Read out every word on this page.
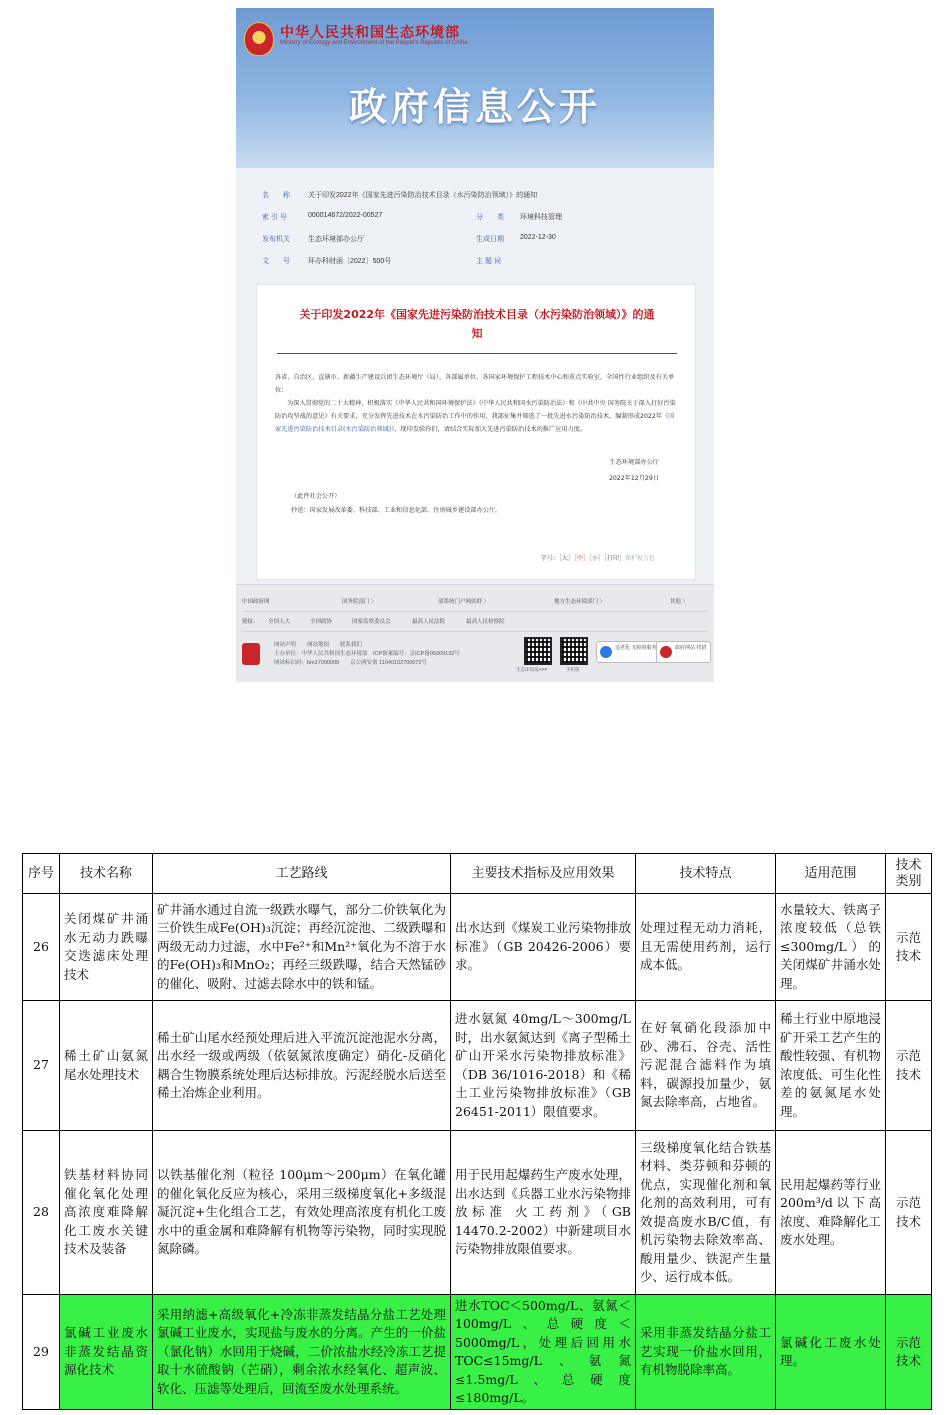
中华人民共和国生态环境部
Ministry of Ecology and Environment of the People's Republic of China
政府信息公开
名　　称	关于印发2022年《国家先进污染防治技术目录（水污染防治领域）》的通知
索 引 号	000014672/2022-00527	分　　类 环境科技管理
发布机关	生态环境部办公厅	生成日期 2022-12-30
文　　号	环办科财函〔2022〕500号	主 题 词
关于印发2022年《国家先进污染防治技术目录（水污染防治领域）》的通知
各省、自治区、直辖市、新疆生产建设兵团生态环境厅（局），各部属单位，各国家环境保护工程技术中心和重点实验室，全国性行业组织及有关单位：
为深入贯彻党的二十大精神，积极落实《中华人民共和国环境保护法》《中华人民共和国水污染防治法》和《中共中央 国务院关于深入打好污染防治攻坚战的意见》有关要求，充分发挥先进技术在水污染防治工作中的作用，我部征集并筛选了一批先进水污染防治技术，编制形成2022年《国家先进污染防治技术目录(水污染防治领域)》，现印发给你们，请结合实际加大先进污染防治技术的推广应用力度。
生态环境部办公厅
2022年12月29日
（此件社会公开）
抄送：国家发展改革委、科技部、工业和信息化部、住房城乡建设部办公厅。
字号：［大］［中］［小］［打印］保护视力色
中国政府网	国务院部门 〉	部系统门户网站群 〉	地方生态环境部门 〉	其他 〉
链接： 全国人大	全国政协	国家监察委员会	最高人民法院	最高人民检察院
网站声明　　网站地图　　联系我们
主办单位：中华人民共和国生态环境部　ICP备案编号：京ICP备05009132号
网站标识码：bm17000009　　京公网安备 11040102700072号
生态环境部APP	手机版
适老化 无障碍服务	政府网站 找错
序号	技术名称	工艺路线	主要技术指标及应用效果	技术特点	适用范围	技术类别
26	关闭煤矿井涌水无动力跌曝交迭滤床处理技术	矿井涌水通过自流一级跌水曝气，部分二价铁氧化为三价铁生成Fe(OH)₃沉淀；再经沉淀池、二级跌曝和两级无动力过滤，水中Fe²⁺和Mn²⁺氧化为不溶于水的Fe(OH)₃和MnO₂；再经三级跌曝，结合天然锰砂的催化、吸附、过滤去除水中的铁和锰。	出水达到《煤炭工业污染物排放标准》（GB 20426-2006）要求。	处理过程无动力消耗，且无需使用药剂，运行成本低。	水量较大、铁离子浓度较低（总铁≤300mg/L）的关闭煤矿井涌水处理。	示范技术
27	稀土矿山氨氮尾水处理技术	稀土矿山尾水经预处理后进入平流沉淀池泥水分离，出水经一级或两级（依氨氮浓度确定）硝化-反硝化耦合生物膜系统处理后达标排放。污泥经脱水后送至稀土冶炼企业利用。	进水氨氮 40mg/L～300mg/L时，出水氨氮达到《离子型稀土矿山开采水污染物排放标准》（DB 36/1016-2018）和《稀土工业污染物排放标准》（GB 26451-2011）限值要求。	在好氧硝化段添加中砂、沸石、谷壳、活性污泥混合滤料作为填料，碳源投加量少，氨氮去除率高，占地省。	稀土行业中原地浸矿开采工艺产生的酸性较强、有机物浓度低、可生化性差的氨氮尾水处理。	示范技术
28	铁基材料协同催化氧化处理高浓度难降解化工废水关键技术及装备	以铁基催化剂（粒径 100μm～200μm）在氧化罐的催化氧化反应为核心，采用三级梯度氧化+多级混凝沉淀+生化组合工艺，有效处理高浓度有机化工废水中的重金属和难降解有机物等污染物，同时实现脱氮除磷。	用于民用起爆药生产废水处理，出水达到《兵器工业水污染物排放标准 火工药剂》（GB 14470.2-2002）中新建项目水污染物排放限值要求。	三级梯度氧化结合铁基材料、类芬顿和芬顿的优点，实现催化剂和氧化剂的高效利用，可有效提高废水B/C值，有机污染物去除效率高、酸用量少、铁泥产生量少、运行成本低。	民用起爆药等行业200m³/d以下高浓度、难降解化工废水处理。	示范技术
29	氯碱工业废水非蒸发结晶资源化技术	采用纳滤+高级氧化+冷冻非蒸发结晶分盐工艺处理氯碱工业废水，实现盐与废水的分离。产生的一价盐（氯化钠）水回用于烧碱，二价浓盐水经冷冻工艺提取十水硫酸钠（芒硝），剩余浓水经氧化、超声波、软化、压滤等处理后，回流至废水处理系统。	进水TOC＜500mg/L、氨氮＜100mg/L、总硬度＜5000mg/L，处理后回用水TOC≤15mg/L、氨氮≤1.5mg/L、总硬度≤180mg/L。	采用非蒸发结晶分盐工艺实现一价盐水回用，有机物脱除率高。	氯碱化工废水处理。	示范技术
